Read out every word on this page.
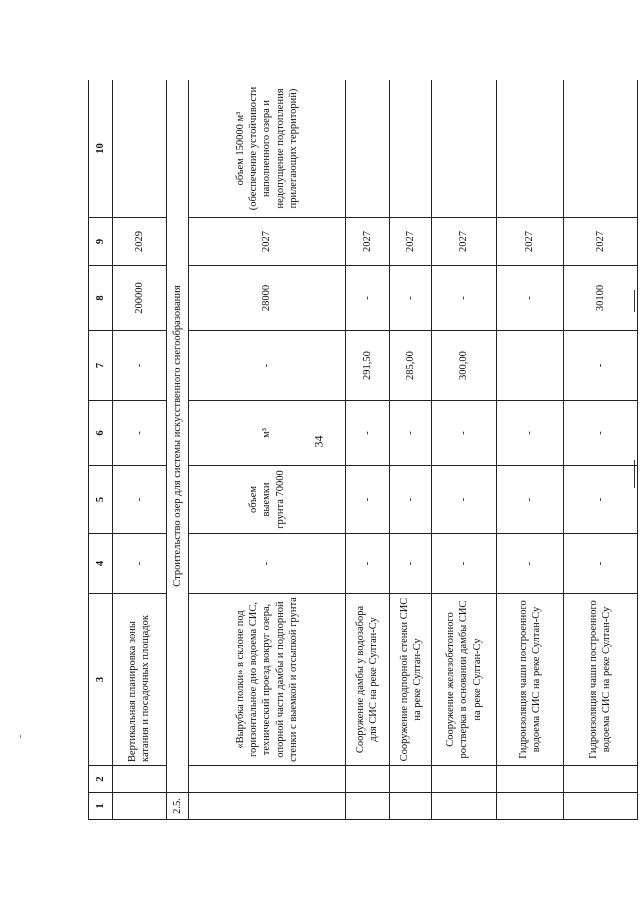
34
1	2	3	4	5	6	7	8	9	10
		Вертикальная планировка зоны катания и посадочных площадок	-	-	-	-	200000	2029	
2.5.	Строительство озер для системы искусственного снегообразования								
		«Вырубка полки» в склоне под горизонтальное дно водоема СИС, технический проезд вокруг озера, опорной части дамбы и подпорной стенки с выемкой и отсыпкой грунта	-	объем выемки грунта 70000	м³	-	28000	2027	объем 150000 м³ (обеспечение устойчивости наполненного озера и недопущение подтопления прилегающих территорий)
		Сооружение дамбы у водозабора для СИС на реке Султан-Су	-	-	-	291,50	-	2027	
		Сооружение подпорной стенки СИС на реке Султан-Су	-	-	-	285,00	-	2027	
		Сооружение железобетонного ростверка в основании дамбы СИС на реке Султан-Су	-	-	-	300,00	-	2027	
		Гидроизоляция чаши построенного водоема СИС на реке Султан-Су	-	-	-		-	2027	
		Гидроизоляция чаши построенного водоема СИС на реке Султан-Су	-	-	-	-	30100	2027	
